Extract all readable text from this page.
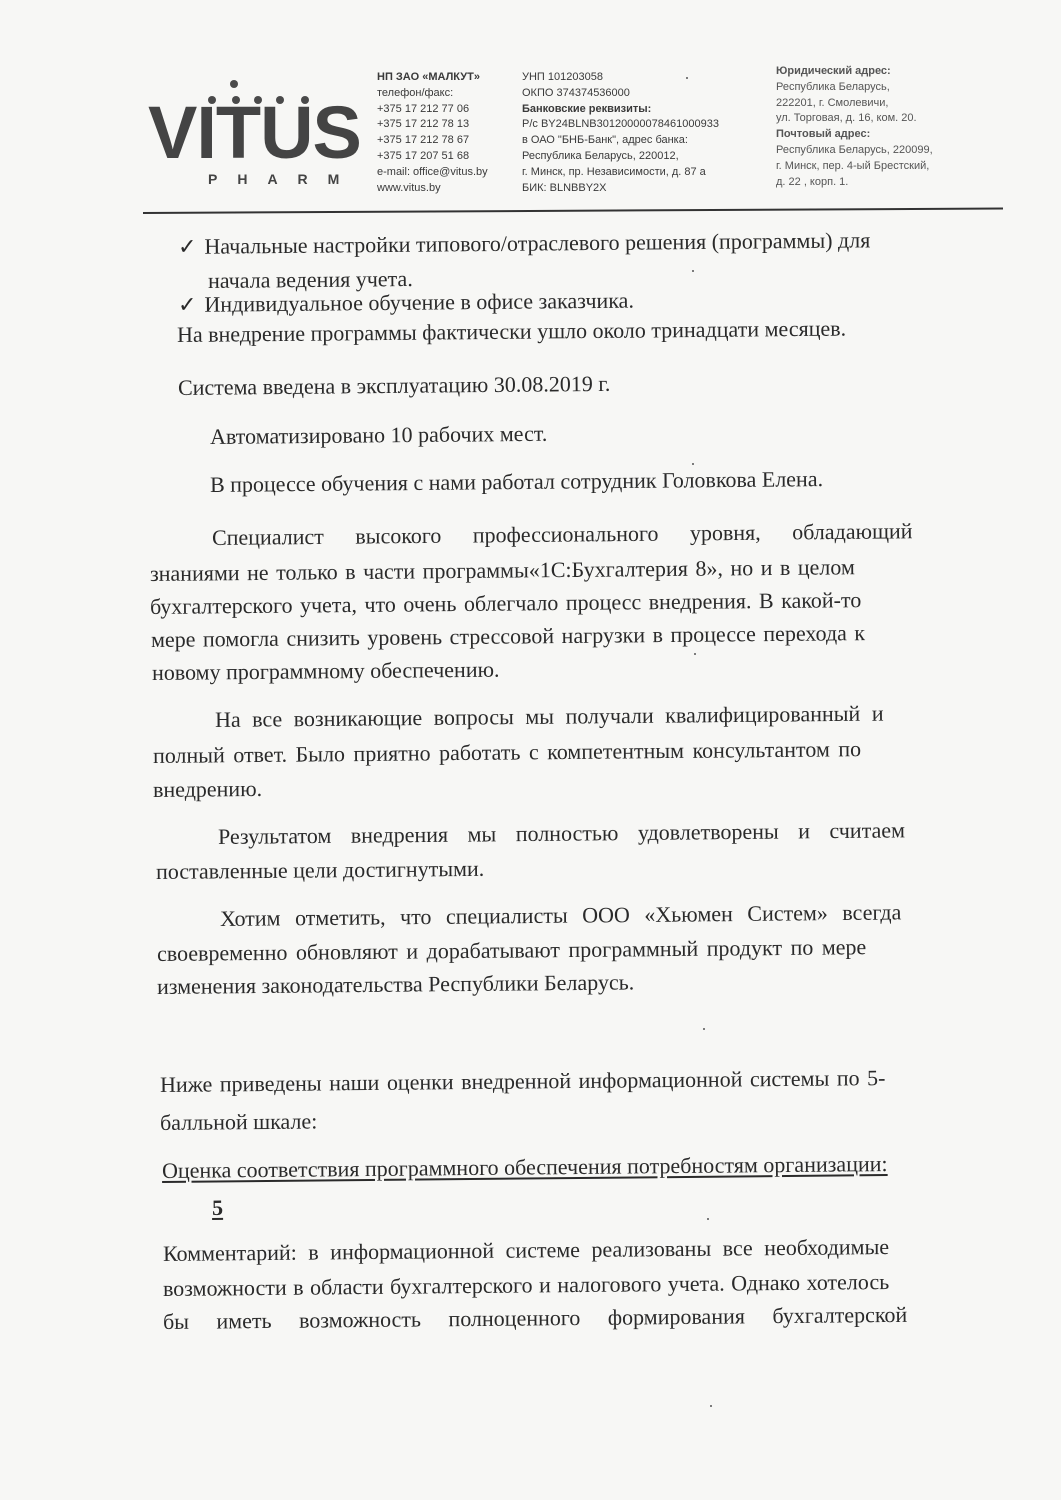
VITUS
PHARM
НП ЗАО «МАЛКУТ»
телефон/факс:
+375 17 212 77 06
+375 17 212 78 13
+375 17 212 78 67
+375 17 207 51 68
e-mail: office@vitus.by
www.vitus.by
УНП 101203058
ОКПО 374374536000
Банковские реквизиты:
Р/с BY24BLNB30120000078461000933
в ОАО "БНБ-Банк", адрес банка:
Республика Беларусь, 220012,
г. Минск, пр. Независимости, д. 87 а
БИК: BLNBBY2X
Юридический адрес:
Республика Беларусь,
222201, г. Смолевичи,
ул. Торговая, д. 16, ком. 20.
Почтовый адрес:
Республика Беларусь, 220099,
г. Минск, пер. 4-ый Брестский,
д. 22 , корп. 1.
✓ Начальные настройки типового/отраслевого решения (программы) для
начала ведения учета.
✓ Индивидуальное обучение в офисе заказчика.
На внедрение программы фактически ушло около тринадцати месяцев.
Система введена в эксплуатацию 30.08.2019 г.
Автоматизировано 10 рабочих мест.
В процессе обучения с нами работал сотрудник Головкова Елена.
Специалист высокого профессионального уровня, обладающий
знаниями не только в части программы«1С:Бухгалтерия 8», но и в целом
бухгалтерского учета, что очень облегчало процесс внедрения. В какой-то
мере помогла снизить уровень стрессовой нагрузки в процессе перехода к
новому программному обеспечению.
На все возникающие вопросы мы получали квалифицированный и
полный ответ. Было приятно работать с компетентным консультантом по
внедрению.
Результатом внедрения мы полностью удовлетворены и считаем
поставленные цели достигнутыми.
Хотим отметить, что специалисты ООО «Хьюмен Систем» всегда
своевременно обновляют и дорабатывают программный продукт по мере
изменения законодательства Республики Беларусь.
Ниже приведены наши оценки внедренной информационной системы по 5-
балльной шкале:
Оценка соответствия программного обеспечения потребностям организации:
5
Комментарий: в информационной системе реализованы все необходимые
возможности в области бухгалтерского и налогового учета. Однако хотелось
бы иметь возможность полноценного формирования бухгалтерской
